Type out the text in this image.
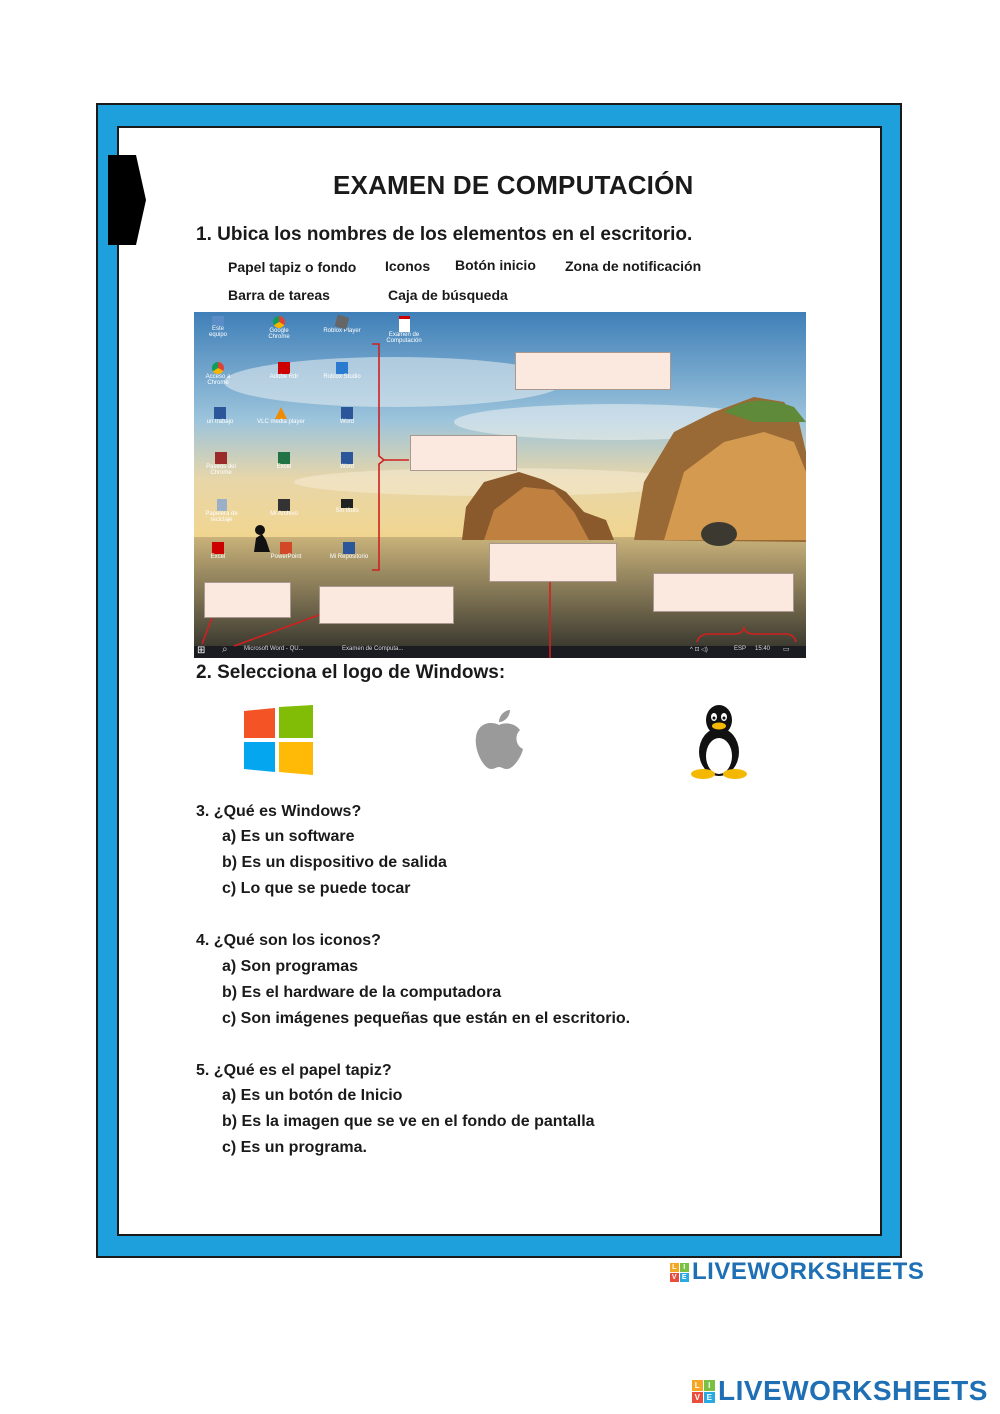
EXAMEN DE COMPUTACIÓN
1. Ubica los nombres de los elementos en el escritorio.
Papel tapiz o fondo Iconos Botón inicio Zona de notificación
Barra de tareas	Caja de búsqueda
⊞ ⌕	Microsoft Word - QU...	Examen de Computa...	^ ⊡ ◁)	ESP 15:40 ▭
Este equipo
Google Chrome
Roblox Player
Examen de Computación
Acceso a Chrome
Adobe Rdr	Roblox Studio
un trabajo	VLC media player	Word
Paseos del Chrome
Excel	Word
Papelera de reciclaje
Mi Archivo	Sin título
Excel	PowerPoint	Mi Repositorio
2. Selecciona el logo de Windows:
3. ¿Qué es Windows?
a) Es un software
b) Es un dispositivo de salida
c) Lo que se puede tocar
4. ¿Qué son los iconos?
a) Son programas
b) Es el hardware de la computadora
c) Son imágenes pequeñas que están en el escritorio.
5. ¿Qué es el papel tapiz?
a) Es un botón de Inicio
b) Es la imagen que se ve en el fondo de pantalla
c) Es un programa.
L I
V E LIVEWORKSHEETS
L I
V E LIVEWORKSHEETS
